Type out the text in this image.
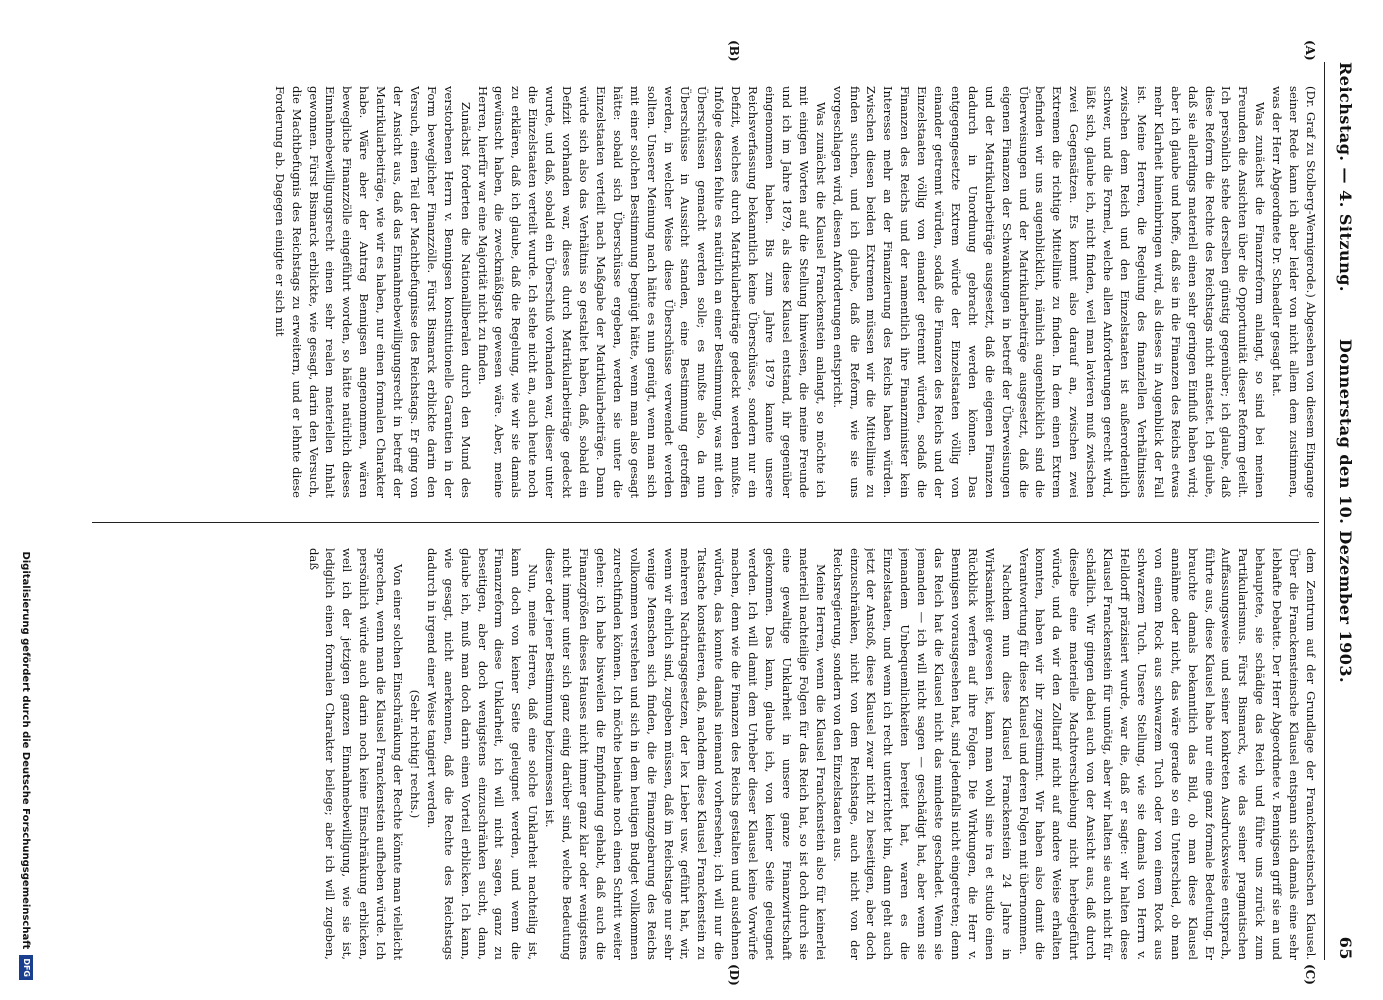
Reichstag. — 4. Sitzung.
Donnerstag den 10. Dezember 1903.
65
(A)
(B)
(C)
(D)

(Dr. Graf zu Stolberg-Wernigerode.) Abgesehen von diesem Eingange seiner Rede kann ich aber leider von nicht allem dem zustimmen, was der Herr Abgeordnete Dr. Schaedler gesagt hat.

Was zunächst die Finanzreform anlangt, so sind bei meinen Freunden die Ansichten über die Opportunität dieser Reform geteilt. Ich persönlich stehe derselben günstig gegenüber; ich glaube, daß diese Reform die Rechte des Reichstags nicht antastet. Ich glaube, daß sie allerdings materiell einen sehr geringen Einfluß haben wird; aber ich glaube und hoffe, daß sie in die Finanzen des Reichs etwas mehr Klarheit hineinbringen wird, als dieses in Augenblick der Fall ist. Meine Herren, die Regelung des finanziellen Verhältnisses zwischen dem Reich und den Einzelstaaten ist außerordentlich schwer, und die Formel, welche allen Anforderungen gerecht wird, läßt sich, glaube ich, nicht finden, weil man lavieren muß zwischen zwei Gegensätzen. Es kommt also darauf an, zwischen zwei Extremen die richtige Mittellinie zu finden. In dem einen Extrem befinden wir uns augenblicklich, nämlich augenblicklich sind die Überweisungen und der Matrikularbeiträge ausgesetzt, daß die eigenen Finanzen der Schwankungen in betreff der Überweisungen und der Matrikularbeiträge ausgesetzt, daß die eigenen Finanzen dadurch in Unordnung gebracht werden können. Das entgegengesetzte Extrem würde der Einzelstaaten völlig von einander getrennt würden, sodaß die Finanzen des Reichs und der Einzelstaaten völlig von einander getrennt würden, sodaß die Finanzen des Reichs und der namentlich ihre Finanzminister kein Interesse mehr an der Finanzierung des Reichs haben würden. Zwischen diesen beiden Extremen müssen wir die Mittellinie zu finden suchen, und ich glaube, daß die Reform, wie sie uns vorgeschlagen wird, diesen Anforderungen entspricht.

Was zunächst die Klausel Franckenstein anlangt, so möchte ich mit einigen Worten auf die Stellung hinweisen, die meine Freunde und ich im Jahre 1879, als diese Klausel entstand, ihr gegenüber eingenommen haben. Bis zum Jahre 1879 kannte unsere Reichsverfassung bekanntlich keine Überschüsse, sondern nur ein Defizit, welches durch Matrikularbeiträge gedeckt werden mußte. Infolge dessen fehlte es natürlich an einer Bestimmung, was mit den Überschüssen gemacht werden solle; es mußte also, da nun Überschüsse in Aussicht standen, eine Bestimmung getroffen werden, in welcher Weise diese Überschüsse verwendet werden sollten. Unserer Meinung nach hätte es nun genügt, wenn man sich mit einer solchen Bestimmung begnügt hätte, wenn man also gesagt hätte: sobald sich Überschüsse ergeben, werden sie unter die Einzelstaaten verteilt nach Maßgabe der Matrikularbeiträge. Dann würde sich also das Verhältnis so gestaltet haben, daß, sobald ein Defizit vorhanden war, dieses durch Matrikularbeiträge gedeckt wurde, und daß, sobald ein Überschuß vorhanden war, dieser unter die Einzelstaaten verteilt wurde. Ich stehe nicht an, auch heute noch zu erklären, daß ich glaube, daß die Regelung, wie wir sie damals gewünscht haben, die zweckmäßigste gewesen wäre. Aber, meine Herren, hierfür war eine Majorität nicht zu finden.

Zunächst forderten die Nationalliberalen durch den Mund des verstorbenen Herrn v. Bennigsen konstitutionelle Garantien in der Form beweglicher Finanzzölle. Fürst Bismarck erblickte darin den Versuch, einen Teil der Machtbefugnisse des Reichstags. Er ging von der Ansicht aus, daß das Einnahmebewilligungsrecht in betreff der Matrikularbeiträge, wie wir es haben, nur einen formalen Charakter habe. Wäre aber der Antrag Bennigsen angenommen, wären bewegliche Finanzzölle eingeführt worden, so hätte natürlich dieses Einnahmebewilligungsrecht einen sehr realen materiellen Inhalt gewonnen. Fürst Bismarck erblickte, wie gesagt, darin den Versuch, die Machtbefugnis des Reichstags zu erweitern, und er lehnte diese Forderung ab. Dagegen einigte er sich mit

dem Zentrum auf der Grundlage der Franckensteinschen Klausel. Über die Franckensteinsche Klausel entspann sich damals eine sehr lebhafte Debatte. Der Herr Abgeordnete v. Bennigsen griff sie an und behauptete, sie schädige das Reich und führe uns zurück zum Partikularismus. Fürst Bismarck, wie das seiner pragmatischen Auffassungsweise und seiner konkreten Ausdrucksweise entsprach, führte aus, diese Klausel habe nur eine ganz formale Bedeutung. Er brauchte damals bekanntlich das Bild, ob man diese Klausel annähme oder nicht, das wäre gerade so ein Unterschied, ob man von einem Rock aus schwarzem Tuch oder von einem Rock aus schwarzem Tuch. Unsere Stellung, wie sie damals von Herrn v. Helldorff präzisiert wurde, war die, daß er sagte: wir halten diese Klausel Franckenstein für unnötig, aber wir halten sie auch nicht für schädlich. Wir gingen dabei auch von der Ansicht aus, daß durch dieselbe eine materielle Machtverschiebung nicht herbeigeführt würde, und da wir den Zolltarif nicht auf andere Weise erhalten konnten, haben wir ihr zugestimmt. Wir haben also damit die Verantwortung für diese Klausel und deren Folgen mit übernommen.

Nachdem nun diese Klausel Franckenstein 24 Jahre in Wirksamkeit gewesen ist, kann man wohl sine ira et studio einen Rückblick werfen auf ihre Folgen. Die Wirkungen, die Herr v. Bennigsen vorausgesehen hat, sind jedenfalls nicht eingetreten; denn das Reich hat die Klausel nicht das mindeste geschadet. Wenn sie jemanden — ich will nicht sagen — geschädigt hat, aber wenn sie jemandem Unbequemlichkeiten bereitet hat, waren es die Einzelstaaten, und wenn ich recht unterrichtet bin, dann geht auch jetzt der Anstoß, diese Klausel zwar nicht zu beseitigen, aber doch einzuschränken, nicht von dem Reichstage, auch nicht von der Reichsregierung, sondern von den Einzelstaaten aus.

Meine Herren, wenn die Klausel Franckenstein also für keinerlei materiell nachteilige Folgen für das Reich hat, so ist doch durch sie eine gewaltige Unklarheit in unsere ganze Finanzwirtschaft gekommen. Das kann, glaube ich, von keiner Seite geleugnet werden. Ich will damit dem Urheber dieser Klausel keine Vorwürfe machen, denn wie die Finanzen des Reichs gestalten und ausdehnen würden, das konnte damals niemand vorhersehen; ich will nur die Tatsache konstatieren, daß, nachdem diese Klausel Franckenstein zu mehreren Nachtragsgesetzen, der lex Lieber usw. geführt hat, wir, wenn wir ehrlich sind, zugeben müssen, daß im Reichstage nur sehr wenige Menschen sich finden, die die Finanzgebarung des Reichs vollkommen verstehen und sich in dem heutigen Budget vollkommen zurechtfinden können. Ich möchte beinahe noch einen Schritt weiter gehen: ich habe bisweilen die Empfindung gehabt, daß auch die Finanzgrößen dieses Hauses nicht immer ganz klar oder wenigstens nicht immer unter sich ganz einig darüber sind, welche Bedeutung dieser oder jener Bestimmung beizumessen ist.

Nun, meine Herren, daß eine solche Unklarheit nachteilig ist, kann doch von keiner Seite geleugnet werden, und wenn die Finanzreform diese Unklarheit, ich will nicht sagen, ganz zu beseitigen, aber doch wenigstens einzuschränken sucht, dann, glaube ich, muß man doch darin einen Vorteil erblicken. Ich kann, wie gesagt, nicht anerkennen, daß die Rechte des Reichstags dadurch in irgend einer Weise tangiert werden.

(Sehr richtig! rechts.)

Von einer solchen Einschränkung der Rechte könnte man vielleicht sprechen, wenn man die Klausel Franckenstein aufheben würde. Ich persönlich würde auch darin noch keine Einschränkung erblicken, weil ich der jetzigen ganzen Einnahmebewilligung, wie sie ist, lediglich einen formalen Charakter beilege; aber ich will zugeben, daß

Digitalisierung gefördert durch die Deutsche Forschungsgemeinschaft
DFG
